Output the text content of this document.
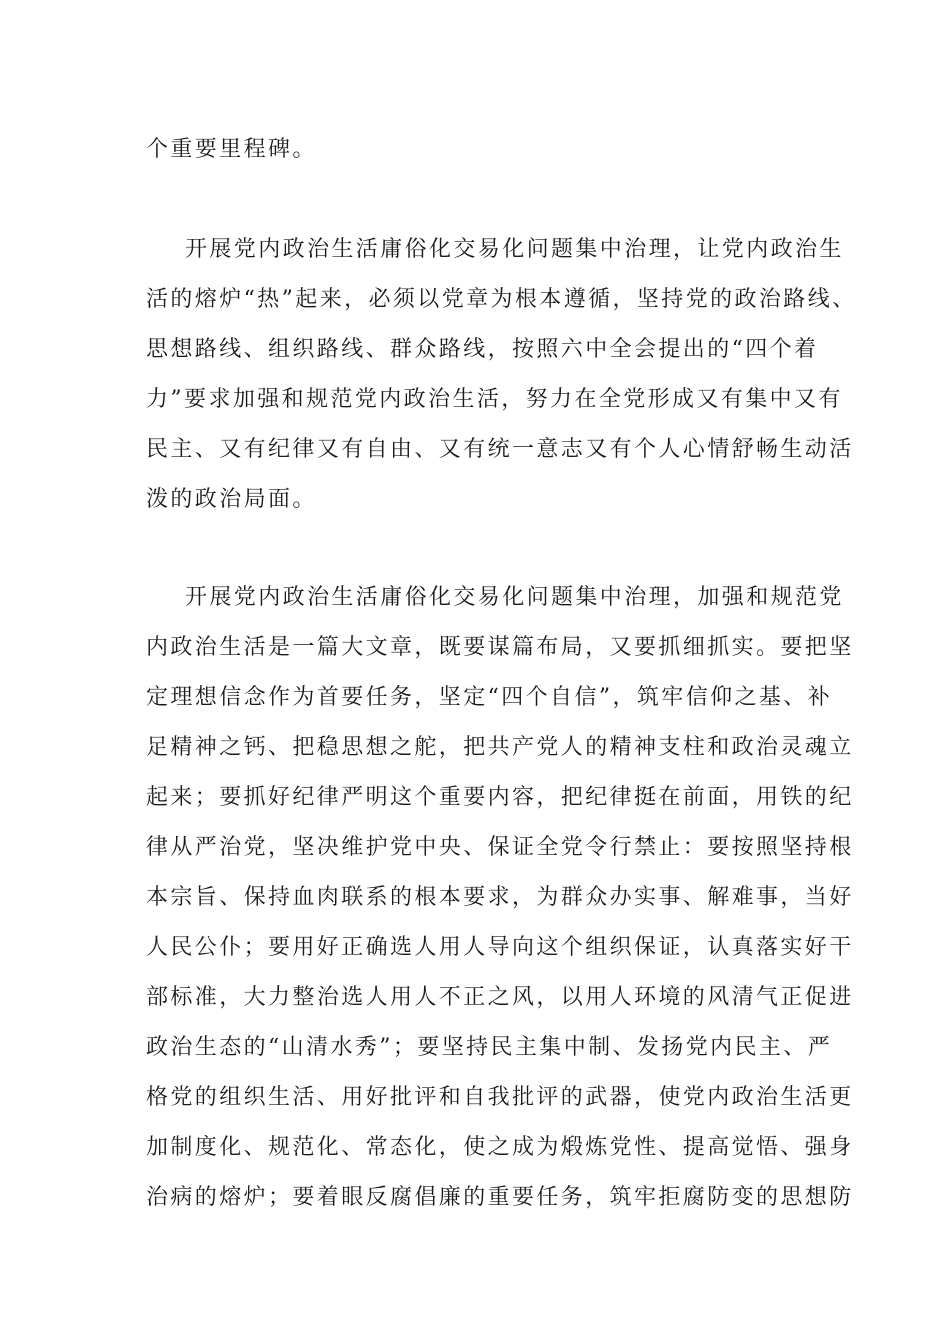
个重要里程碑。
开展党内政治生活庸俗化交易化问题集中治理，让党内政治生
活的熔炉“热”起来，必须以党章为根本遵循，坚持党的政治路线、
思想路线、组织路线、群众路线，按照六中全会提出的“四个着
力”要求加强和规范党内政治生活，努力在全党形成又有集中又有
民主、又有纪律又有自由、又有统一意志又有个人心情舒畅生动活
泼的政治局面。
开展党内政治生活庸俗化交易化问题集中治理，加强和规范党
内政治生活是一篇大文章，既要谋篇布局，又要抓细抓实。要把坚
定理想信念作为首要任务，坚定“四个自信”，筑牢信仰之基、补
足精神之钙、把稳思想之舵，把共产党人的精神支柱和政治灵魂立
起来；要抓好纪律严明这个重要内容，把纪律挺在前面，用铁的纪
律从严治党，坚决维护党中央、保证全党令行禁止：要按照坚持根
本宗旨、保持血肉联系的根本要求，为群众办实事、解难事，当好
人民公仆；要用好正确选人用人导向这个组织保证，认真落实好干
部标准，大力整治选人用人不正之风，以用人环境的风清气正促进
政治生态的“山清水秀”；要坚持民主集中制、发扬党内民主、严
格党的组织生活、用好批评和自我批评的武器，使党内政治生活更
加制度化、规范化、常态化，使之成为煅炼党性、提高觉悟、强身
治病的熔炉；要着眼反腐倡廉的重要任务，筑牢拒腐防变的思想防
